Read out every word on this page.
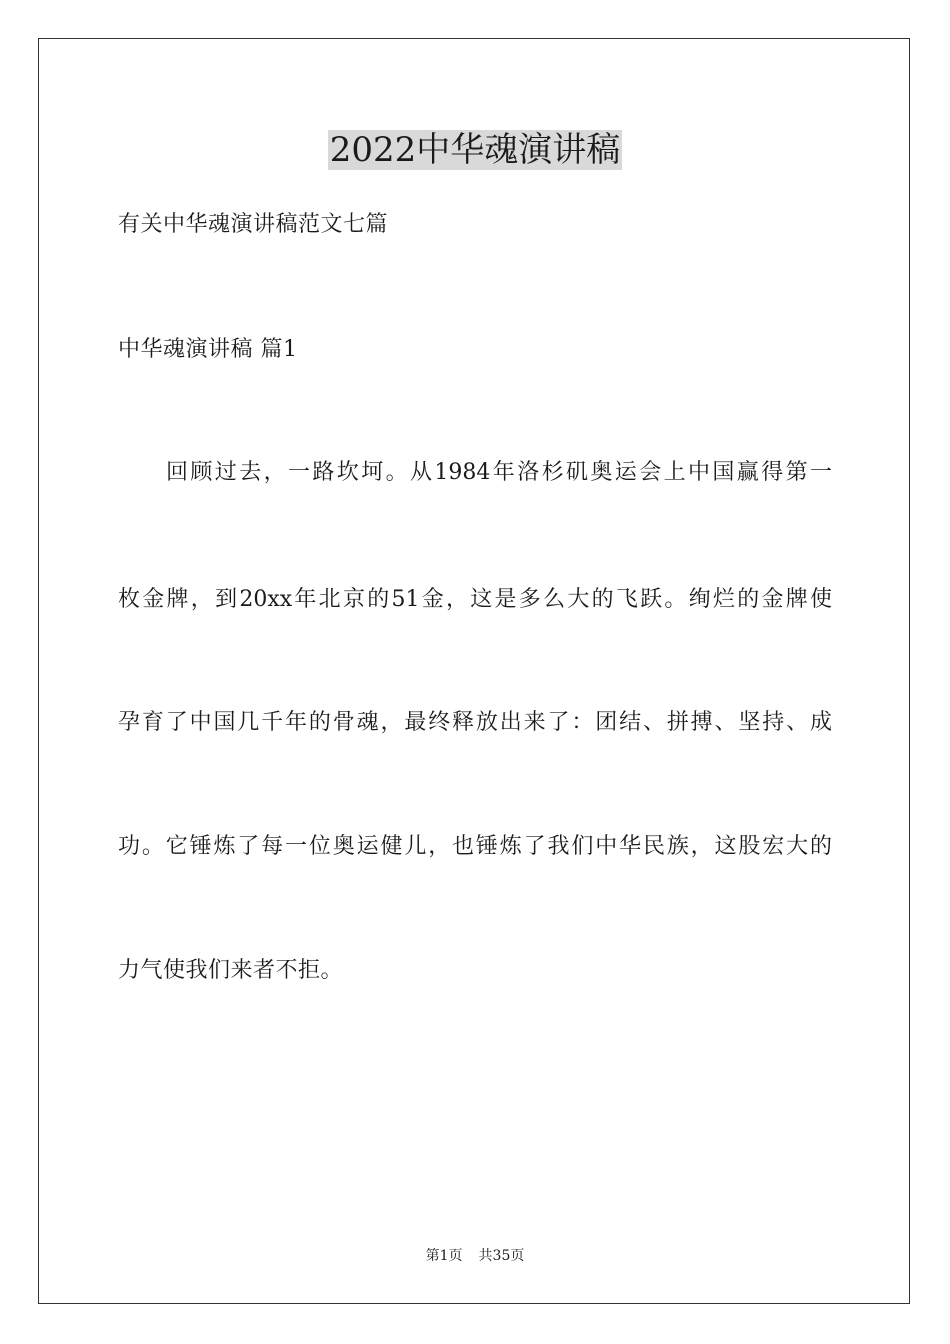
2022中华魂演讲稿
有关中华魂演讲稿范文七篇
中华魂演讲稿 篇1
回顾过去，一路坎坷。从1984年洛杉矶奥运会上中国赢得第一
枚金牌，到20xx年北京的51金，这是多么大的飞跃。绚烂的金牌使
孕育了中国几千年的骨魂，最终释放出来了：团结、拼搏、坚持、成
功。它锤炼了每一位奥运健儿，也锤炼了我们中华民族，这股宏大的
力气使我们来者不拒。
第1页 共35页
